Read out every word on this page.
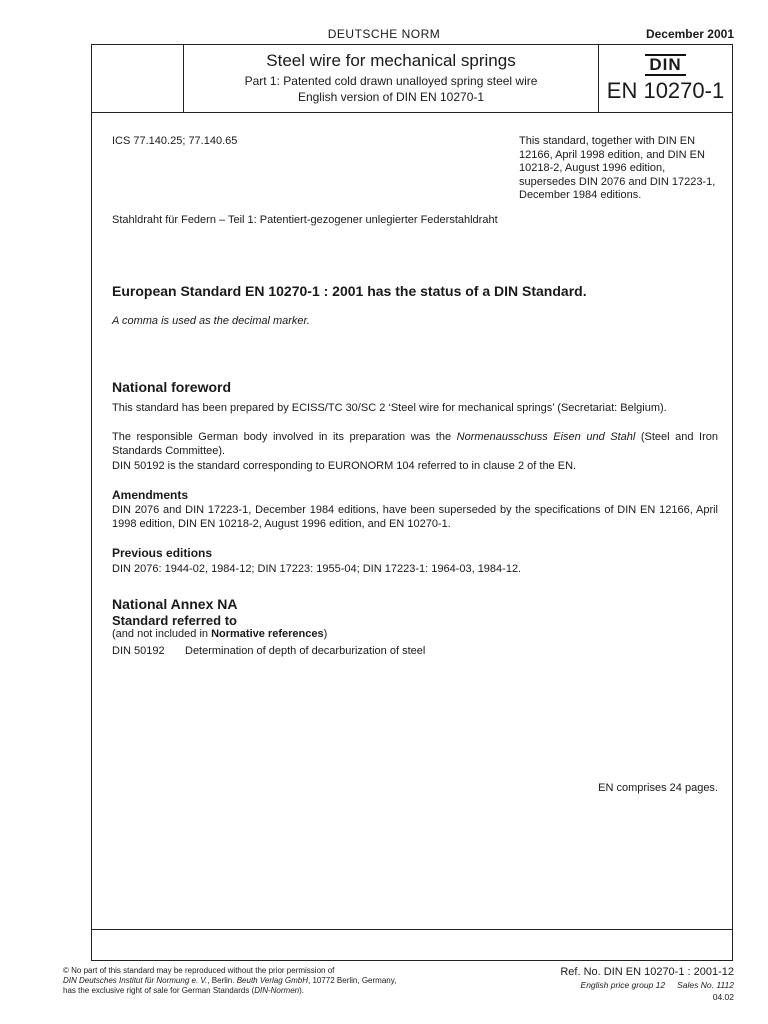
DEUTSCHE NORM	December 2001
Steel wire for mechanical springs
Part 1: Patented cold drawn unalloyed spring steel wire
English version of DIN EN 10270-1
DIN
EN 10270-1
ICS 77.140.25; 77.140.65	This standard, together with DIN EN 12166, April 1998 edition, and DIN EN 10218-2, August 1996 edition, supersedes DIN 2076 and DIN 17223-1, December 1984 editions.
Stahldraht für Federn – Teil 1: Patentiert-gezogener unlegierter Federstahldraht
European Standard EN 10270-1 : 2001 has the status of a DIN Standard.
A comma is used as the decimal marker.
National foreword
This standard has been prepared by ECISS/TC 30/SC 2 ‘Steel wire for mechanical springs’ (Secretariat: Belgium).
The responsible German body involved in its preparation was the Normenausschuss Eisen und Stahl (Steel and Iron Standards Committee).
DIN 50192 is the standard corresponding to EURONORM 104 referred to in clause 2 of the EN.
Amendments
DIN 2076 and DIN 17223-1, December 1984 editions, have been superseded by the specifications of DIN EN 12166, April 1998 edition, DIN EN 10218-2, August 1996 edition, and EN 10270-1.
Previous editions
DIN 2076: 1944-02, 1984-12; DIN 17223: 1955-04; DIN 17223-1: 1964-03, 1984-12.
National Annex NA
Standard referred to
(and not included in Normative references)
DIN 50192 Determination of depth of decarburization of steel
EN comprises 24 pages.
© No part of this standard may be reproduced without the prior permission of
DIN Deutsches Institut für Normung e. V., Berlin. Beuth Verlag GmbH, 10772 Berlin, Germany,
has the exclusive right of sale for German Standards (DIN-Normen).
Ref. No. DIN EN 10270-1 : 2001-12
English price group 12 Sales No. 1112
04.02
